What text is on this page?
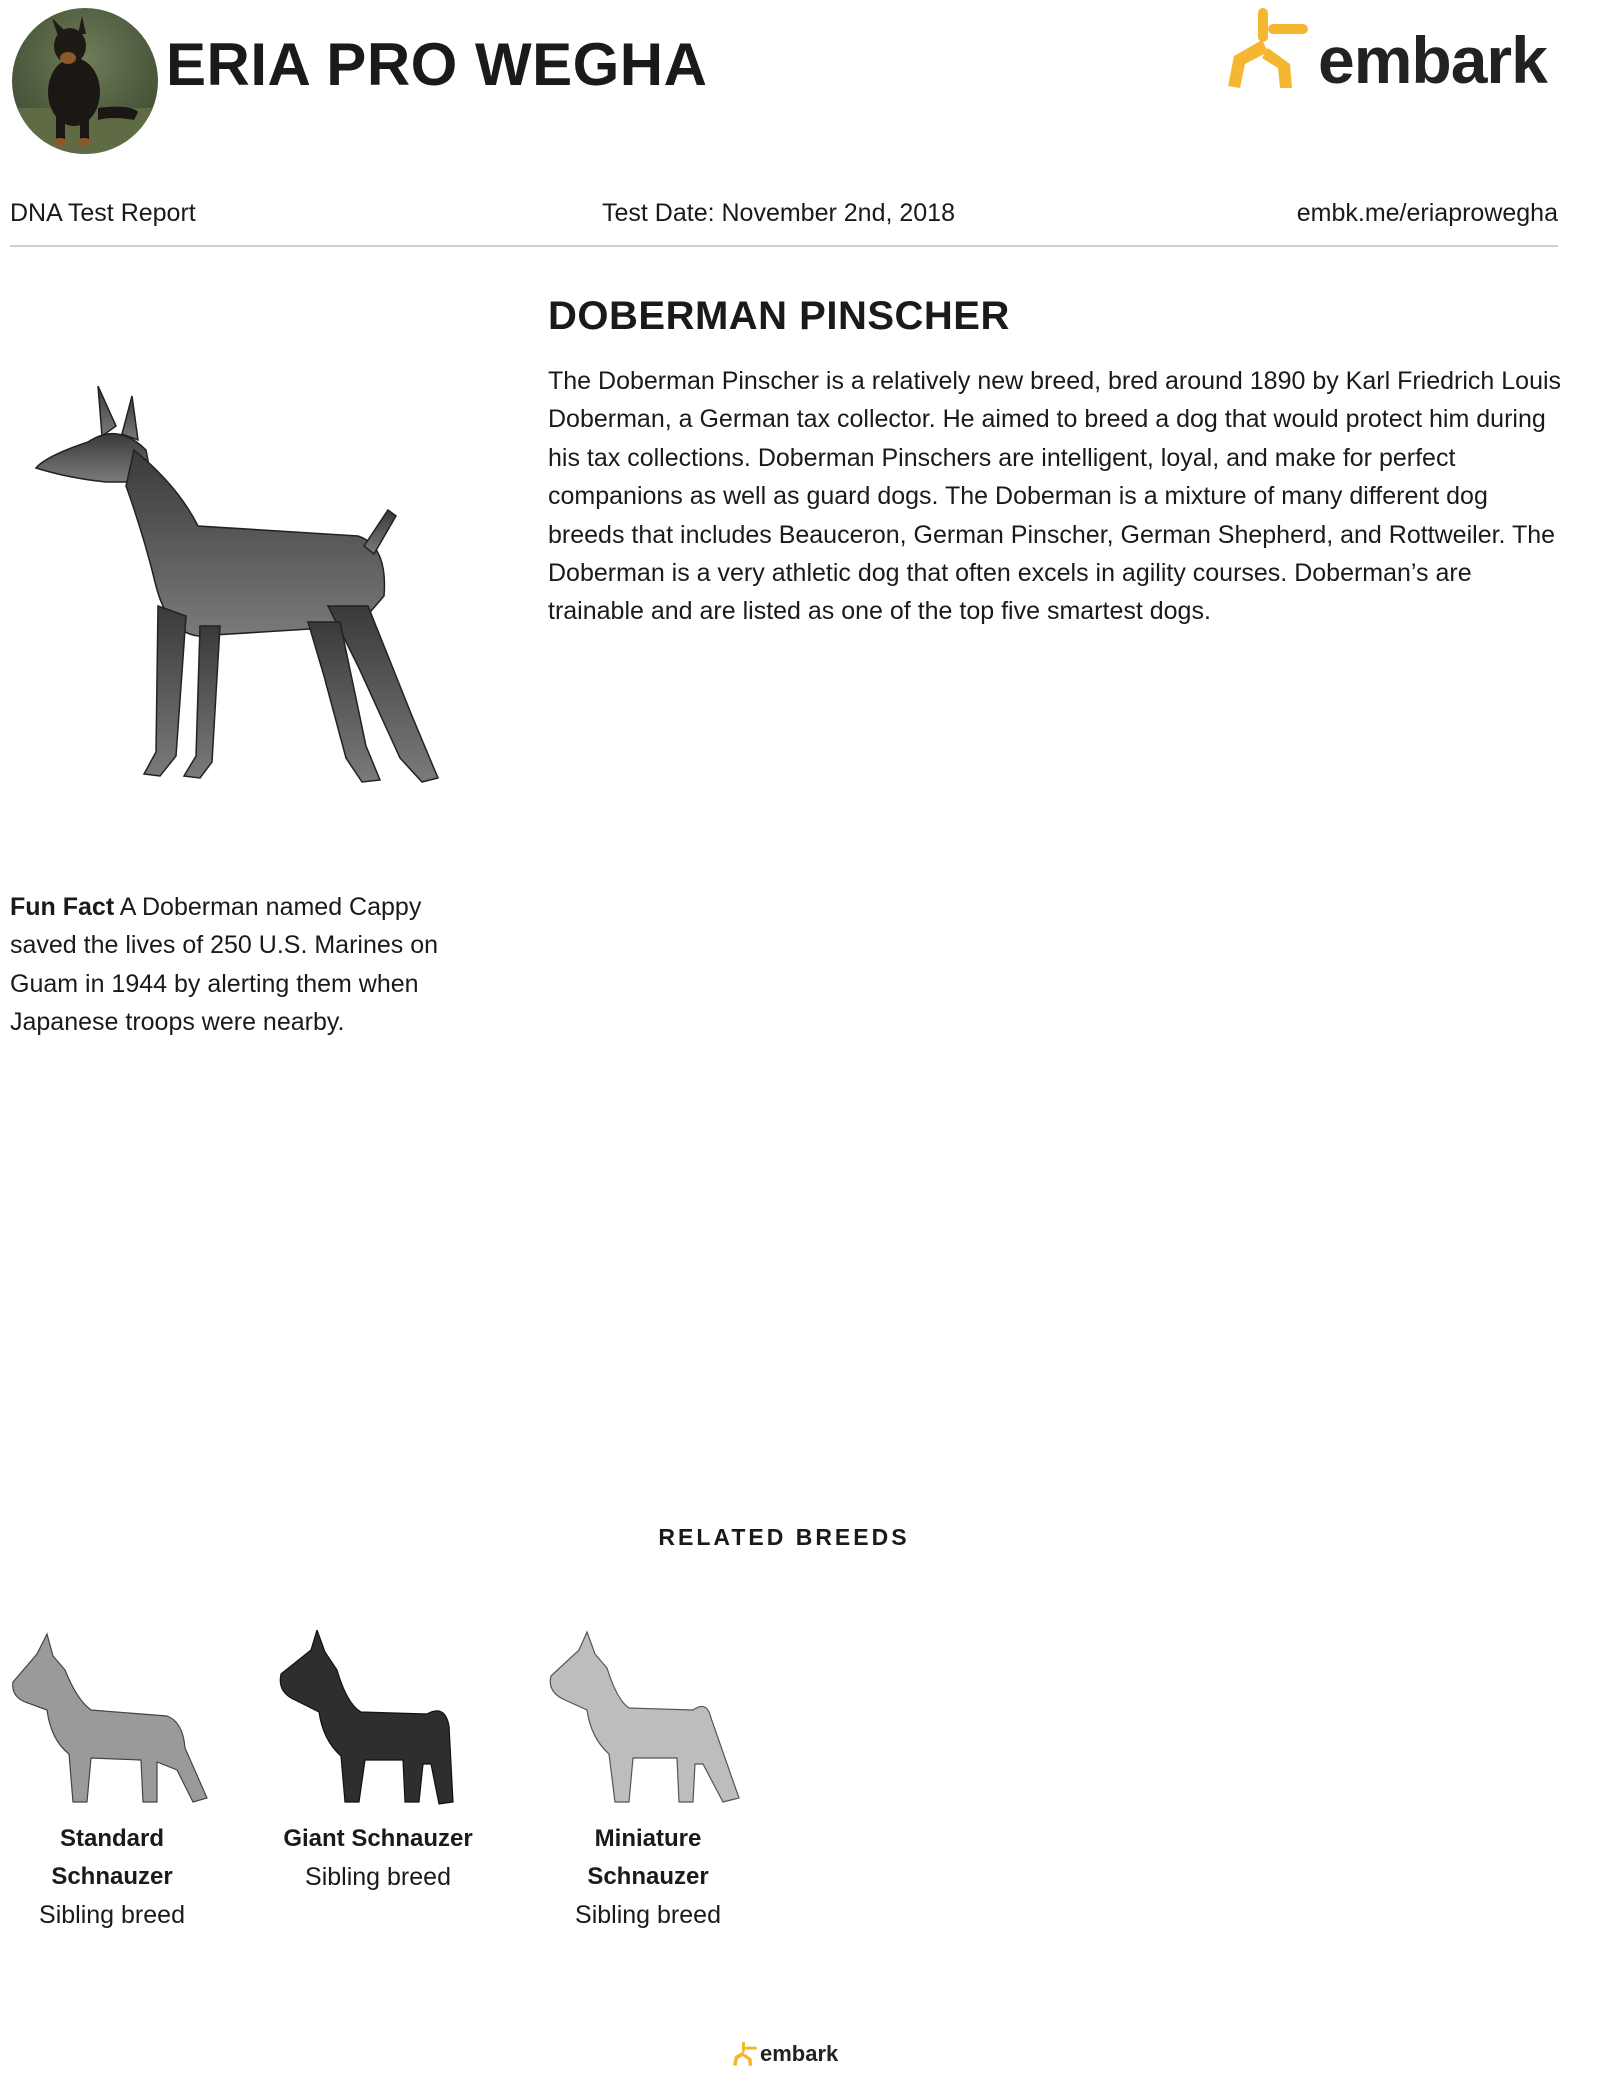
ERIA PRO WEGHA	embark
DNA Test Report	Test Date: November 2nd, 2018	embk.me/eriaprowegha
DOBERMAN PINSCHER

The Doberman Pinscher is a relatively new breed, bred around 1890 by Karl Friedrich Louis Doberman, a German tax collector. He aimed to breed a dog that would protect him during his tax collections. Doberman Pinschers are intelligent, loyal, and make for perfect companions as well as guard dogs. The Doberman is a mixture of many different dog breeds that includes Beauceron, German Pinscher, German Shepherd, and Rottweiler. The Doberman is a very athletic dog that often excels in agility courses. Doberman’s are trainable and are listed as one of the top five smartest dogs.

Fun Fact A Doberman named Cappy saved the lives of 250 U.S. Marines on Guam in 1944 by alerting them when Japanese troops were nearby.

RELATED BREEDS
Standard Schnauzer
Sibling breed
Giant Schnauzer
Sibling breed
Miniature Schnauzer
Sibling breed
embark
